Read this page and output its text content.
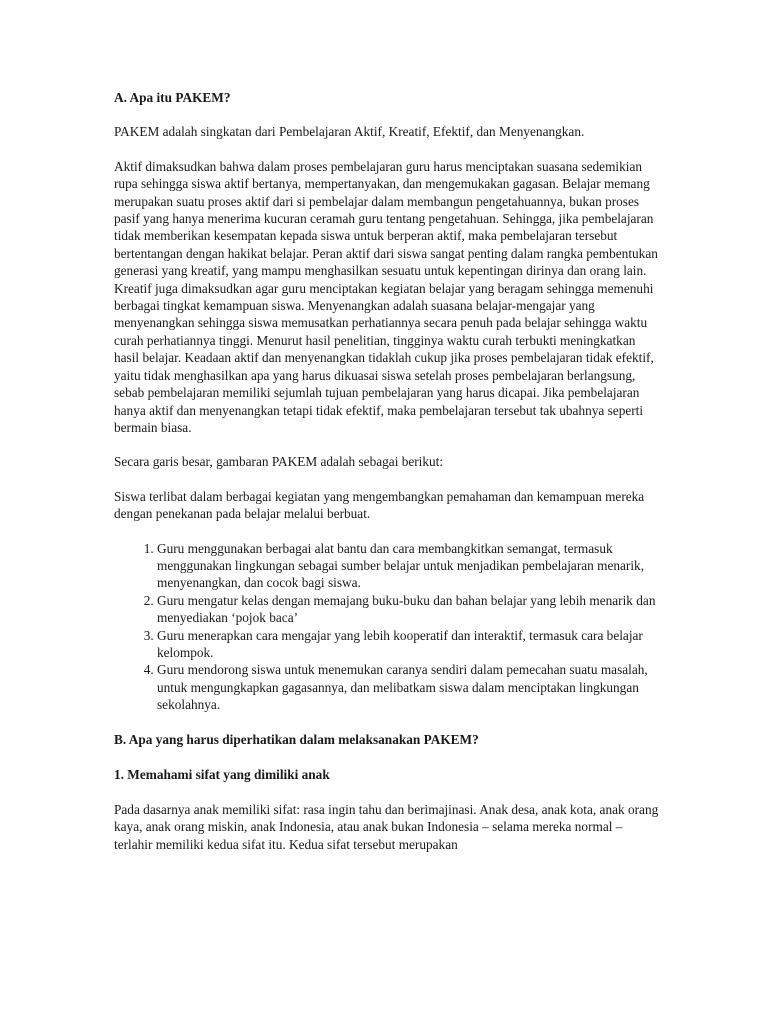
A. Apa itu PAKEM?

PAKEM adalah singkatan dari Pembelajaran Aktif, Kreatif, Efektif, dan Menyenangkan.

Aktif dimaksudkan bahwa dalam proses pembelajaran guru harus menciptakan suasana sedemikian rupa sehingga siswa aktif bertanya, mempertanyakan, dan mengemukakan gagasan. Belajar memang merupakan suatu proses aktif dari si pembelajar dalam membangun pengetahuannya, bukan proses pasif yang hanya menerima kucuran ceramah guru tentang pengetahuan. Sehingga, jika pembelajaran tidak memberikan kesempatan kepada siswa untuk berperan aktif, maka pembelajaran tersebut bertentangan dengan hakikat belajar. Peran aktif dari siswa sangat penting dalam rangka pembentukan generasi yang kreatif, yang mampu menghasilkan sesuatu untuk kepentingan dirinya dan orang lain. Kreatif juga dimaksudkan agar guru menciptakan kegiatan belajar yang beragam sehingga memenuhi berbagai tingkat kemampuan siswa. Menyenangkan adalah suasana belajar-mengajar yang menyenangkan sehingga siswa memusatkan perhatiannya secara penuh pada belajar sehingga waktu curah perhatiannya tinggi. Menurut hasil penelitian, tingginya waktu curah terbukti meningkatkan hasil belajar. Keadaan aktif dan menyenangkan tidaklah cukup jika proses pembelajaran tidak efektif, yaitu tidak menghasilkan apa yang harus dikuasai siswa setelah proses pembelajaran berlangsung, sebab pembelajaran memiliki sejumlah tujuan pembelajaran yang harus dicapai. Jika pembelajaran hanya aktif dan menyenangkan tetapi tidak efektif, maka pembelajaran tersebut tak ubahnya seperti bermain biasa.

Secara garis besar, gambaran PAKEM adalah sebagai berikut:

Siswa terlibat dalam berbagai kegiatan yang mengembangkan pemahaman dan kemampuan mereka dengan penekanan pada belajar melalui berbuat.

1. Guru menggunakan berbagai alat bantu dan cara membangkitkan semangat, termasuk menggunakan lingkungan sebagai sumber belajar untuk menjadikan pembelajaran menarik, menyenangkan, dan cocok bagi siswa.
2. Guru mengatur kelas dengan memajang buku-buku dan bahan belajar yang lebih menarik dan menyediakan ‘pojok baca’
3. Guru menerapkan cara mengajar yang lebih kooperatif dan interaktif, termasuk cara belajar kelompok.
4. Guru mendorong siswa untuk menemukan caranya sendiri dalam pemecahan suatu masalah, untuk mengungkapkan gagasannya, dan melibatkam siswa dalam menciptakan lingkungan sekolahnya.

B. Apa yang harus diperhatikan dalam melaksanakan PAKEM?

1. Memahami sifat yang dimiliki anak

Pada dasarnya anak memiliki sifat: rasa ingin tahu dan berimajinasi. Anak desa, anak kota, anak orang kaya, anak orang miskin, anak Indonesia, atau anak bukan Indonesia – selama mereka normal – terlahir memiliki kedua sifat itu. Kedua sifat tersebut merupakan
